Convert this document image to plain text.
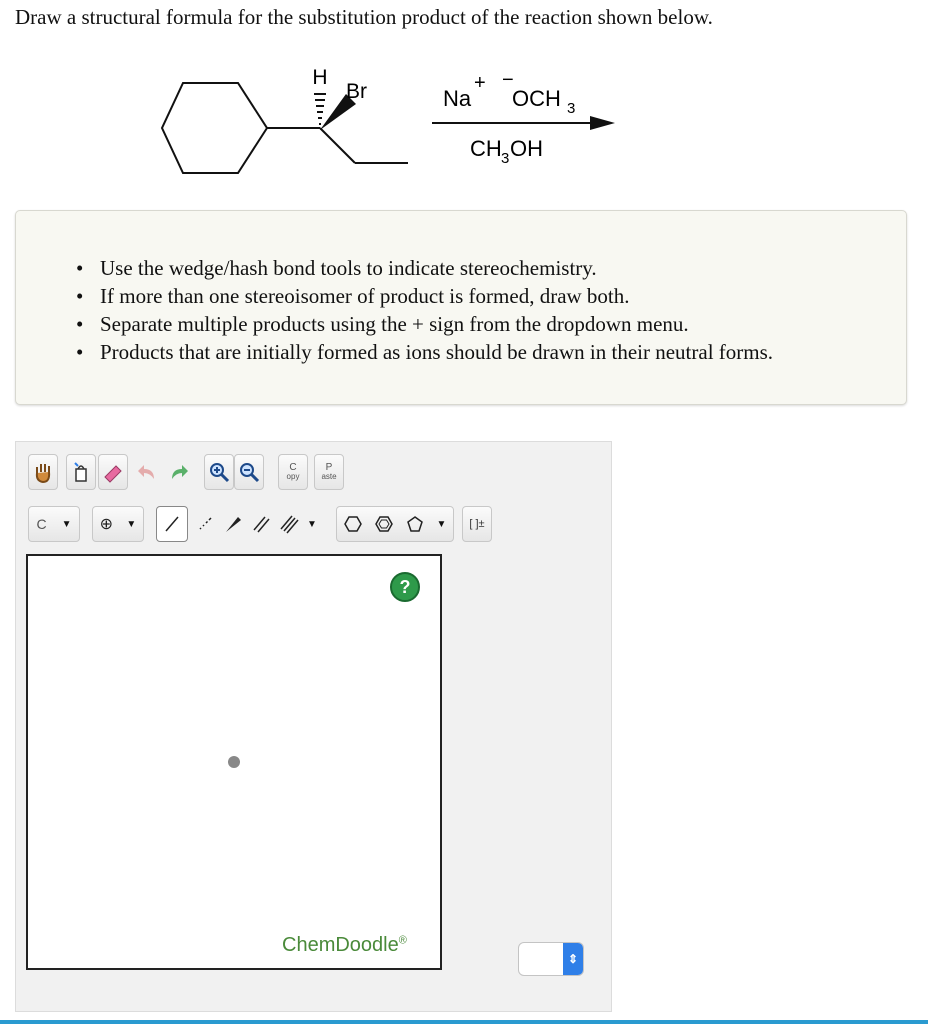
Draw a structural formula for the substitution product of the reaction shown below.
H
Br	Na
+ −
OCH 3
CH 3 OH
• Use the wedge/hash bond tools to indicate stereochemistry.
• If more than one stereoisomer of product is formed, draw both.
• Separate multiple products using the + sign from the dropdown menu.
• Products that are initially formed as ions should be drawn in their neutral forms.
C
opy
P
aste
C ▼ ⊕ ▼	▼	▼ [ ]±
?
ChemDoodle®
⇕
